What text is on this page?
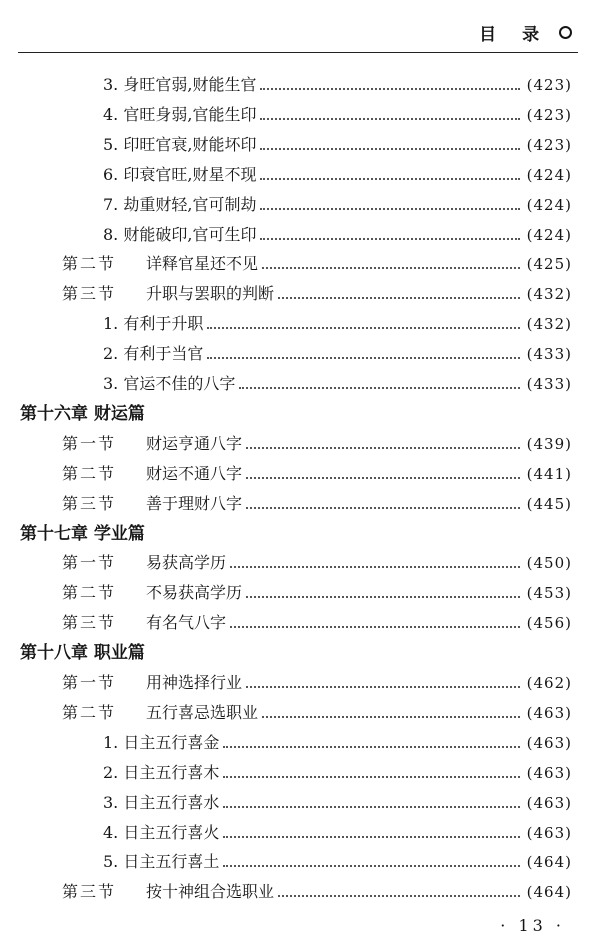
目 录
3. 身旺官弱,财能生官	(423)
4. 官旺身弱,官能生印	(423)
5. 印旺官衰,财能坏印	(423)
6. 印衰官旺,财星不现	(424)
7. 劫重财轻,官可制劫	(424)
8. 财能破印,官可生印	(424)
第二节 详释官星还不见	(425)
第三节 升职与罢职的判断	(432)
1. 有利于升职	(432)
2. 有利于当官	(433)
3. 官运不佳的八字	(433)
第十六章 财运篇
第一节 财运亨通八字	(439)
第二节 财运不通八字	(441)
第三节 善于理财八字	(445)
第十七章 学业篇
第一节 易获高学历	(450)
第二节 不易获高学历	(453)
第三节 有名气八字	(456)
第十八章 职业篇
第一节 用神选择行业	(462)
第二节 五行喜忌选职业	(463)
1. 日主五行喜金	(463)
2. 日主五行喜木	(463)
3. 日主五行喜水	(463)
4. 日主五行喜火	(463)
5. 日主五行喜土	(464)
第三节 按十神组合选职业	(464)
· 13 ·
